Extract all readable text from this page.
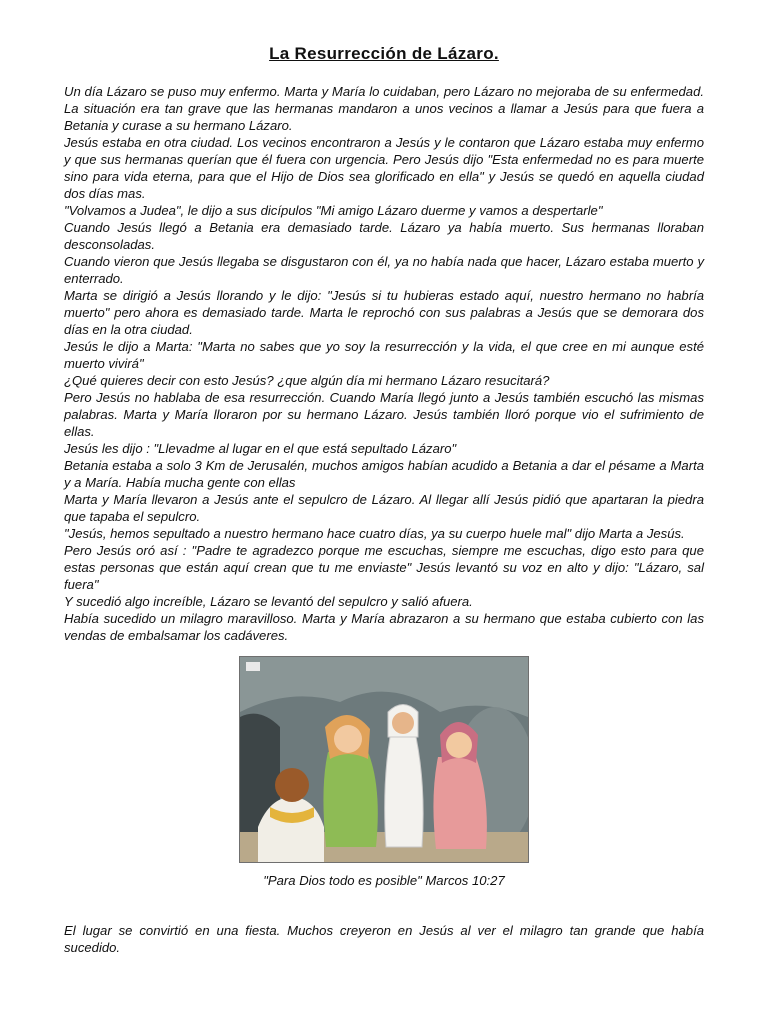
La Resurrección de Lázaro.

Un día Lázaro se puso muy enfermo. Marta y María lo cuidaban, pero Lázaro no mejoraba de su enfermedad. La situación era tan grave que las hermanas mandaron a unos vecinos a llamar a Jesús para que fuera a Betania y curase a su hermano Lázaro.

Jesús estaba en otra ciudad. Los vecinos encontraron a Jesús y le contaron que Lázaro estaba muy enfermo y que sus hermanas querían que él fuera con urgencia. Pero Jesús dijo "Esta enfermedad no es para muerte sino para vida eterna, para que el Hijo de Dios sea glorificado en ella" y Jesús se quedó en aquella ciudad dos días mas.

"Volvamos a Judea", le dijo a sus dicípulos "Mi amigo Lázaro duerme y vamos a despertarle"

Cuando Jesús llegó a Betania era demasiado tarde. Lázaro ya había muerto. Sus hermanas lloraban desconsoladas.

Cuando vieron que Jesús llegaba se disgustaron con él, ya no había nada que hacer, Lázaro estaba muerto y enterrado.

Marta se dirigió a Jesús llorando y le dijo: "Jesús si tu hubieras estado aquí, nuestro hermano no habría muerto" pero ahora es demasiado tarde. Marta le reprochó con sus palabras a Jesús que se demorara dos días en la otra ciudad.

Jesús le dijo a Marta: "Marta no sabes que yo soy la resurrección y la vida, el que cree en mi aunque esté muerto vivirá"

¿Qué quieres decir con esto Jesús? ¿que algún día mi hermano Lázaro resucitará?

Pero Jesús no hablaba de esa resurrección. Cuando María llegó junto a Jesús también escuchó las mismas palabras. Marta y María lloraron por su hermano Lázaro. Jesús también lloró porque vio el sufrimiento de ellas.

Jesús les dijo : "Llevadme al lugar en el que está sepultado Lázaro"

Betania estaba a solo 3 Km de Jerusalén, muchos amigos habían acudido a Betania a dar el pésame a Marta y a María. Había mucha gente con ellas

Marta y María llevaron a Jesús ante el sepulcro de Lázaro. Al llegar allí Jesús pidió que apartaran la piedra que tapaba el sepulcro.

"Jesús, hemos sepultado a nuestro hermano hace cuatro días, ya su cuerpo huele mal" dijo Marta a Jesús.

Pero Jesús oró así : "Padre te agradezco porque me escuchas, siempre me escuchas, digo esto para que estas personas que están aquí crean que tu me enviaste" Jesús levantó su voz en alto y dijo: "Lázaro, sal fuera"

Y sucedió algo increíble, Lázaro se levantó del sepulcro y salió afuera.

Había sucedido un milagro maravilloso. Marta y María abrazaron a su hermano que estaba cubierto con las vendas de embalsamar los cadáveres.

"Para Dios todo es posible" Marcos 10:27

El lugar se convirtió en una fiesta. Muchos creyeron en Jesús al ver el milagro tan grande que había sucedido.
